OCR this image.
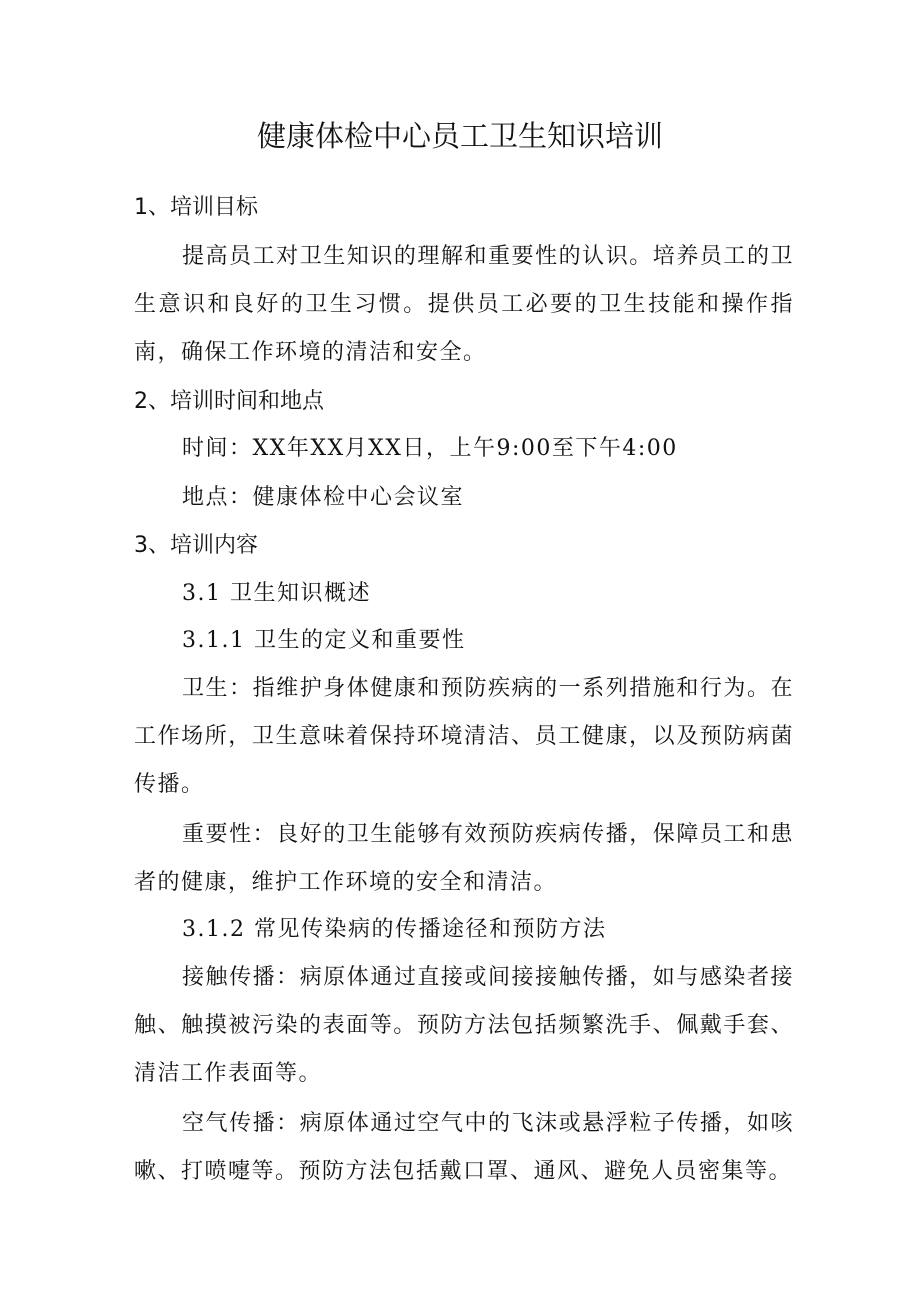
健康体检中心员工卫生知识培训
1、培训目标
提高员工对卫生知识的理解和重要性的认识。培养员工的卫生意识和良好的卫生习惯。提供员工必要的卫生技能和操作指南，确保工作环境的清洁和安全。
2、培训时间和地点
时间：XX年XX月XX日，上午9:00至下午4:00
地点：健康体检中心会议室
3、培训内容
3.1 卫生知识概述
3.1.1 卫生的定义和重要性
卫生：指维护身体健康和预防疾病的一系列措施和行为。在工作场所，卫生意味着保持环境清洁、员工健康，以及预防病菌传播。
重要性：良好的卫生能够有效预防疾病传播，保障员工和患者的健康，维护工作环境的安全和清洁。
3.1.2 常见传染病的传播途径和预防方法
接触传播：病原体通过直接或间接接触传播，如与感染者接触、触摸被污染的表面等。预防方法包括频繁洗手、佩戴手套、清洁工作表面等。
空气传播：病原体通过空气中的飞沫或悬浮粒子传播，如咳嗽、打喷嚏等。预防方法包括戴口罩、通风、避免人员密集等。
